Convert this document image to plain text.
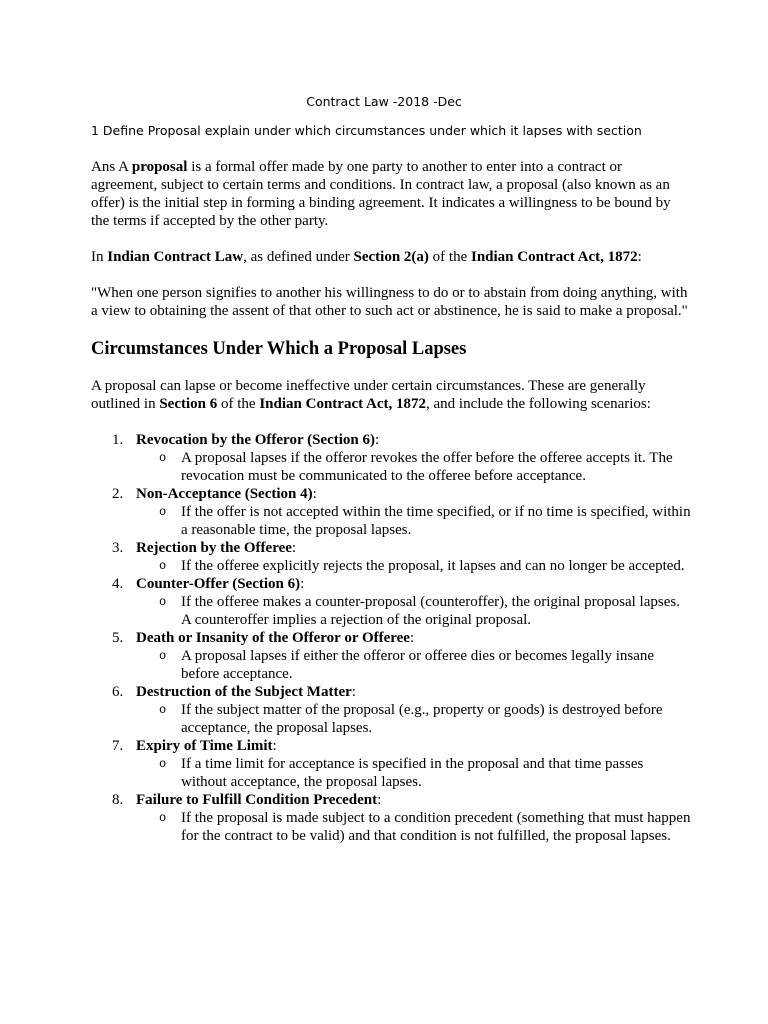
Contract Law -2018 -Dec
1 Define Proposal explain under which circumstances under which it lapses with section

Ans A proposal is a formal offer made by one party to another to enter into a contract or agreement, subject to certain terms and conditions. In contract law, a proposal (also known as an offer) is the initial step in forming a binding agreement. It indicates a willingness to be bound by the terms if accepted by the other party.

In Indian Contract Law, as defined under Section 2(a) of the Indian Contract Act, 1872:

"When one person signifies to another his willingness to do or to abstain from doing anything, with a view to obtaining the assent of that other to such act or abstinence, he is said to make a proposal."

Circumstances Under Which a Proposal Lapses

A proposal can lapse or become ineffective under certain circumstances. These are generally outlined in Section 6 of the Indian Contract Act, 1872, and include the following scenarios:

1. Revocation by the Offeror (Section 6):
o A proposal lapses if the offeror revokes the offer before the offeree accepts it. The revocation must be communicated to the offeree before acceptance.
2. Non-Acceptance (Section 4):
o If the offer is not accepted within the time specified, or if no time is specified, within a reasonable time, the proposal lapses.
3. Rejection by the Offeree:
o If the offeree explicitly rejects the proposal, it lapses and can no longer be accepted.
4. Counter-Offer (Section 6):
o If the offeree makes a counter-proposal (counteroffer), the original proposal lapses. A counteroffer implies a rejection of the original proposal.
5. Death or Insanity of the Offeror or Offeree:
o A proposal lapses if either the offeror or offeree dies or becomes legally insane before acceptance.
6. Destruction of the Subject Matter:
o If the subject matter of the proposal (e.g., property or goods) is destroyed before acceptance, the proposal lapses.
7. Expiry of Time Limit:
o If a time limit for acceptance is specified in the proposal and that time passes without acceptance, the proposal lapses.
8. Failure to Fulfill Condition Precedent:
o If the proposal is made subject to a condition precedent (something that must happen for the contract to be valid) and that condition is not fulfilled, the proposal lapses.
